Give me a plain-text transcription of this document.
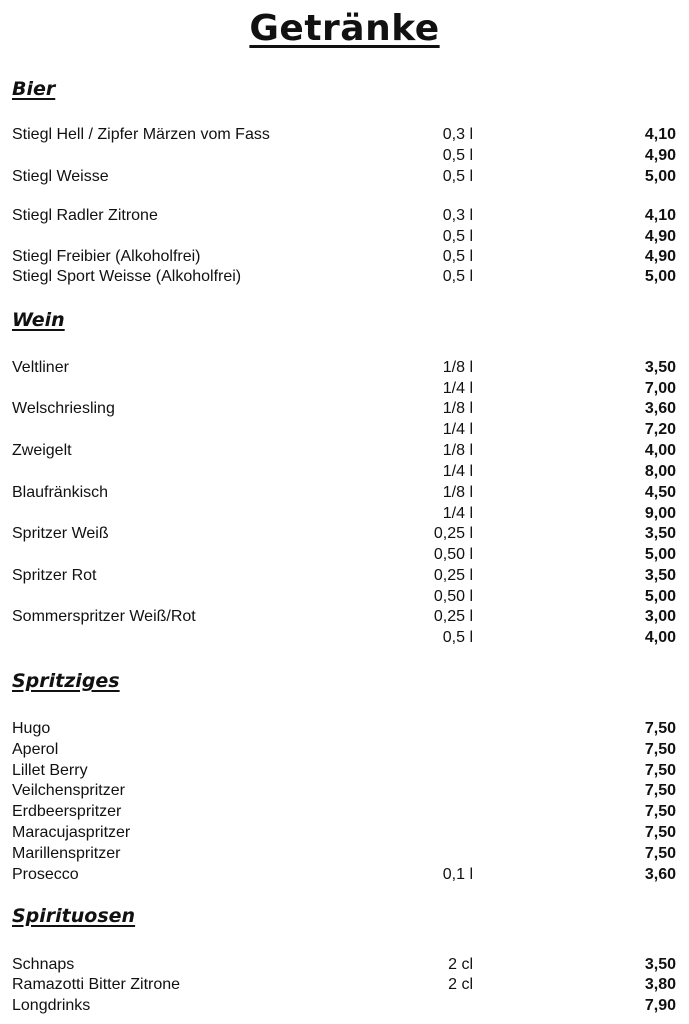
Getränke
Bier
Stiegl Hell / Zipfer Märzen vom Fass	0,3 l	4,10
0,5 l	4,90
Stiegl Weisse	0,5 l	5,00
Stiegl Radler Zitrone	0,3 l	4,10
0,5 l	4,90
Stiegl Freibier (Alkoholfrei)	0,5 l	4,90
Stiegl Sport Weisse (Alkoholfrei)	0,5 l	5,00
Wein
Veltliner	1/8 l	3,50
1/4 l	7,00
Welschriesling	1/8 l	3,60
1/4 l	7,20
Zweigelt	1/8 l	4,00
1/4 l	8,00
Blaufränkisch	1/8 l	4,50
1/4 l	9,00
Spritzer Weiß	0,25 l	3,50
0,50 l	5,00
Spritzer Rot	0,25 l	3,50
0,50 l	5,00
Sommerspritzer Weiß/Rot	0,25 l	3,00
0,5 l	4,00
Spritziges
Hugo	7,50
Aperol	7,50
Lillet Berry	7,50
Veilchenspritzer	7,50
Erdbeerspritzer	7,50
Maracujaspritzer	7,50
Marillenspritzer	7,50
Prosecco	0,1 l	3,60
Spirituosen
Schnaps	2 cl	3,50
Ramazotti Bitter Zitrone	2 cl	3,80
Longdrinks	7,90
